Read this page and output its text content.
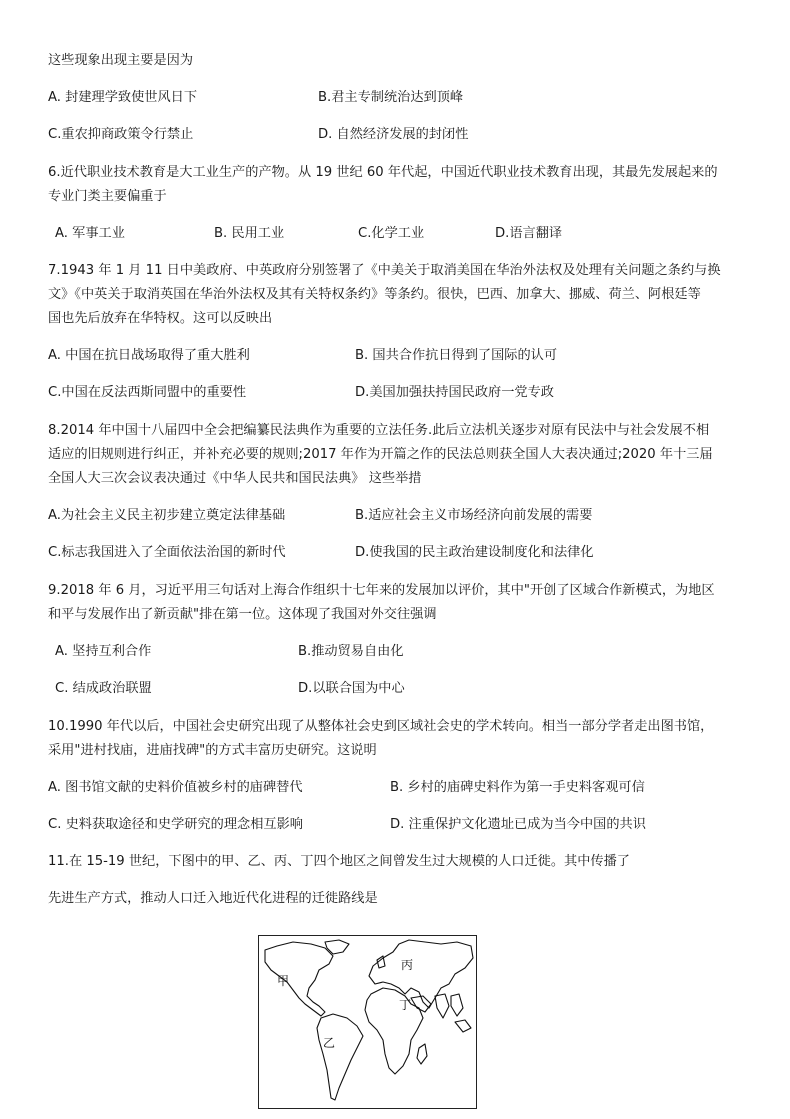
这些现象出现主要是因为
A. 封建理学致使世风日下	B.君主专制统治达到顶峰
C.重农抑商政策令行禁止	D. 自然经济发展的封闭性
6.近代职业技术教育是大工业生产的产物。从 19 世纪 60 年代起，中国近代职业技术教育出现，其最先发展起来的
专业门类主要偏重于
A. 军事工业	B. 民用工业	C.化学工业	D.语言翻译
7.1943 年 1 月 11 日中美政府、中英政府分别签署了《中美关于取消美国在华治外法权及处理有关问题之条约与换
文》《中英关于取消英国在华治外法权及其有关特权条约》等条约。很快，巴西、加拿大、挪威、荷兰、阿根廷等
国也先后放弃在华特权。这可以反映出
A. 中国在抗日战场取得了重大胜利	B. 国共合作抗日得到了国际的认可
C.中国在反法西斯同盟中的重要性	D.美国加强扶持国民政府一党专政
8.2014 年中国十八届四中全会把编纂民法典作为重要的立法任务.此后立法机关逐步对原有民法中与社会发展不相
适应的旧规则进行纠正，并补充必要的规则;2017 年作为开篇之作的民法总则获全国人大表决通过;2020 年十三届
全国人大三次会议表决通过《中华人民共和国民法典》 这些举措
A.为社会主义民主初步建立奠定法律基础	B.适应社会主义市场经济向前发展的需要
C.标志我国进入了全面依法治国的新时代	D.使我国的民主政治建设制度化和法律化
9.2018 年 6 月，习近平用三句话对上海合作组织十七年来的发展加以评价，其中"开创了区域合作新模式，为地区
和平与发展作出了新贡献"排在第一位。这体现了我国对外交往强调
A. 坚持互利合作	B.推动贸易自由化
C. 结成政治联盟	D.以联合国为中心
10.1990 年代以后，中国社会史研究出现了从整体社会史到区域社会史的学术转向。相当一部分学者走出图书馆，
采用"进村找庙，进庙找碑"的方式丰富历史研究。这说明
A. 图书馆文献的史料价值被乡村的庙碑替代	B. 乡村的庙碑史料作为第一手史料客观可信
C. 史料获取途径和史学研究的理念相互影响	D. 注重保护文化遗址已成为当今中国的共识
11.在 15-19 世纪，下图中的甲、乙、丙、丁四个地区之间曾发生过大规模的人口迁徙。其中传播了
先进生产方式，推动人口迁入地近代化进程的迁徙路线是
甲
乙
丙
丁
